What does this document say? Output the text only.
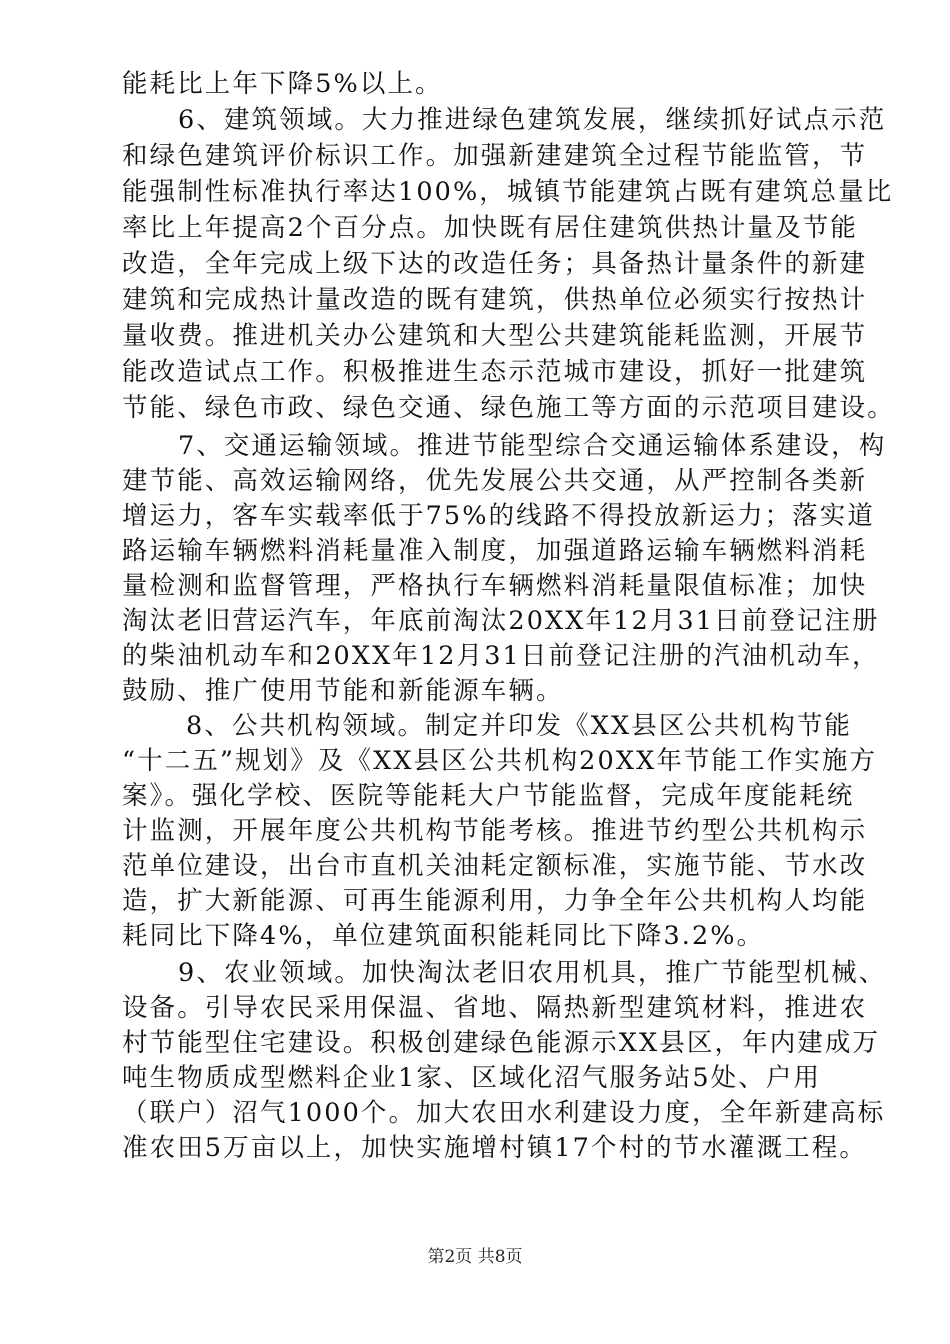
能耗比上年下降5%以上。
6、建筑领域。大力推进绿色建筑发展，继续抓好试点示范
和绿色建筑评价标识工作。加强新建建筑全过程节能监管，节
能强制性标准执行率达100%，城镇节能建筑占既有建筑总量比
率比上年提高2个百分点。加快既有居住建筑供热计量及节能
改造，全年完成上级下达的改造任务；具备热计量条件的新建
建筑和完成热计量改造的既有建筑，供热单位必须实行按热计
量收费。推进机关办公建筑和大型公共建筑能耗监测，开展节
能改造试点工作。积极推进生态示范城市建设，抓好一批建筑
节能、绿色市政、绿色交通、绿色施工等方面的示范项目建设。
7、交通运输领域。推进节能型综合交通运输体系建设，构
建节能、高效运输网络，优先发展公共交通，从严控制各类新
增运力，客车实载率低于75%的线路不得投放新运力；落实道
路运输车辆燃料消耗量准入制度，加强道路运输车辆燃料消耗
量检测和监督管理，严格执行车辆燃料消耗量限值标准；加快
淘汰老旧营运汽车，年底前淘汰20XX年12月31日前登记注册
的柴油机动车和20XX年12月31日前登记注册的汽油机动车，
鼓励、推广使用节能和新能源车辆。
8、公共机构领域。制定并印发《XX县区公共机构节能
“十二五”规划》及《XX县区公共机构20XX年节能工作实施方
案》。强化学校、医院等能耗大户节能监督，完成年度能耗统
计监测，开展年度公共机构节能考核。推进节约型公共机构示
范单位建设，出台市直机关油耗定额标准，实施节能、节水改
造，扩大新能源、可再生能源利用，力争全年公共机构人均能
耗同比下降4%，单位建筑面积能耗同比下降3.2%。
9、农业领域。加快淘汰老旧农用机具，推广节能型机械、
设备。引导农民采用保温、省地、隔热新型建筑材料，推进农
村节能型住宅建设。积极创建绿色能源示XX县区，年内建成万
吨生物质成型燃料企业1家、区域化沼气服务站5处、户用
（联户）沼气1000个。加大农田水利建设力度，全年新建高标
准农田5万亩以上，加快实施增村镇17个村的节水灌溉工程。
第2页 共8页
